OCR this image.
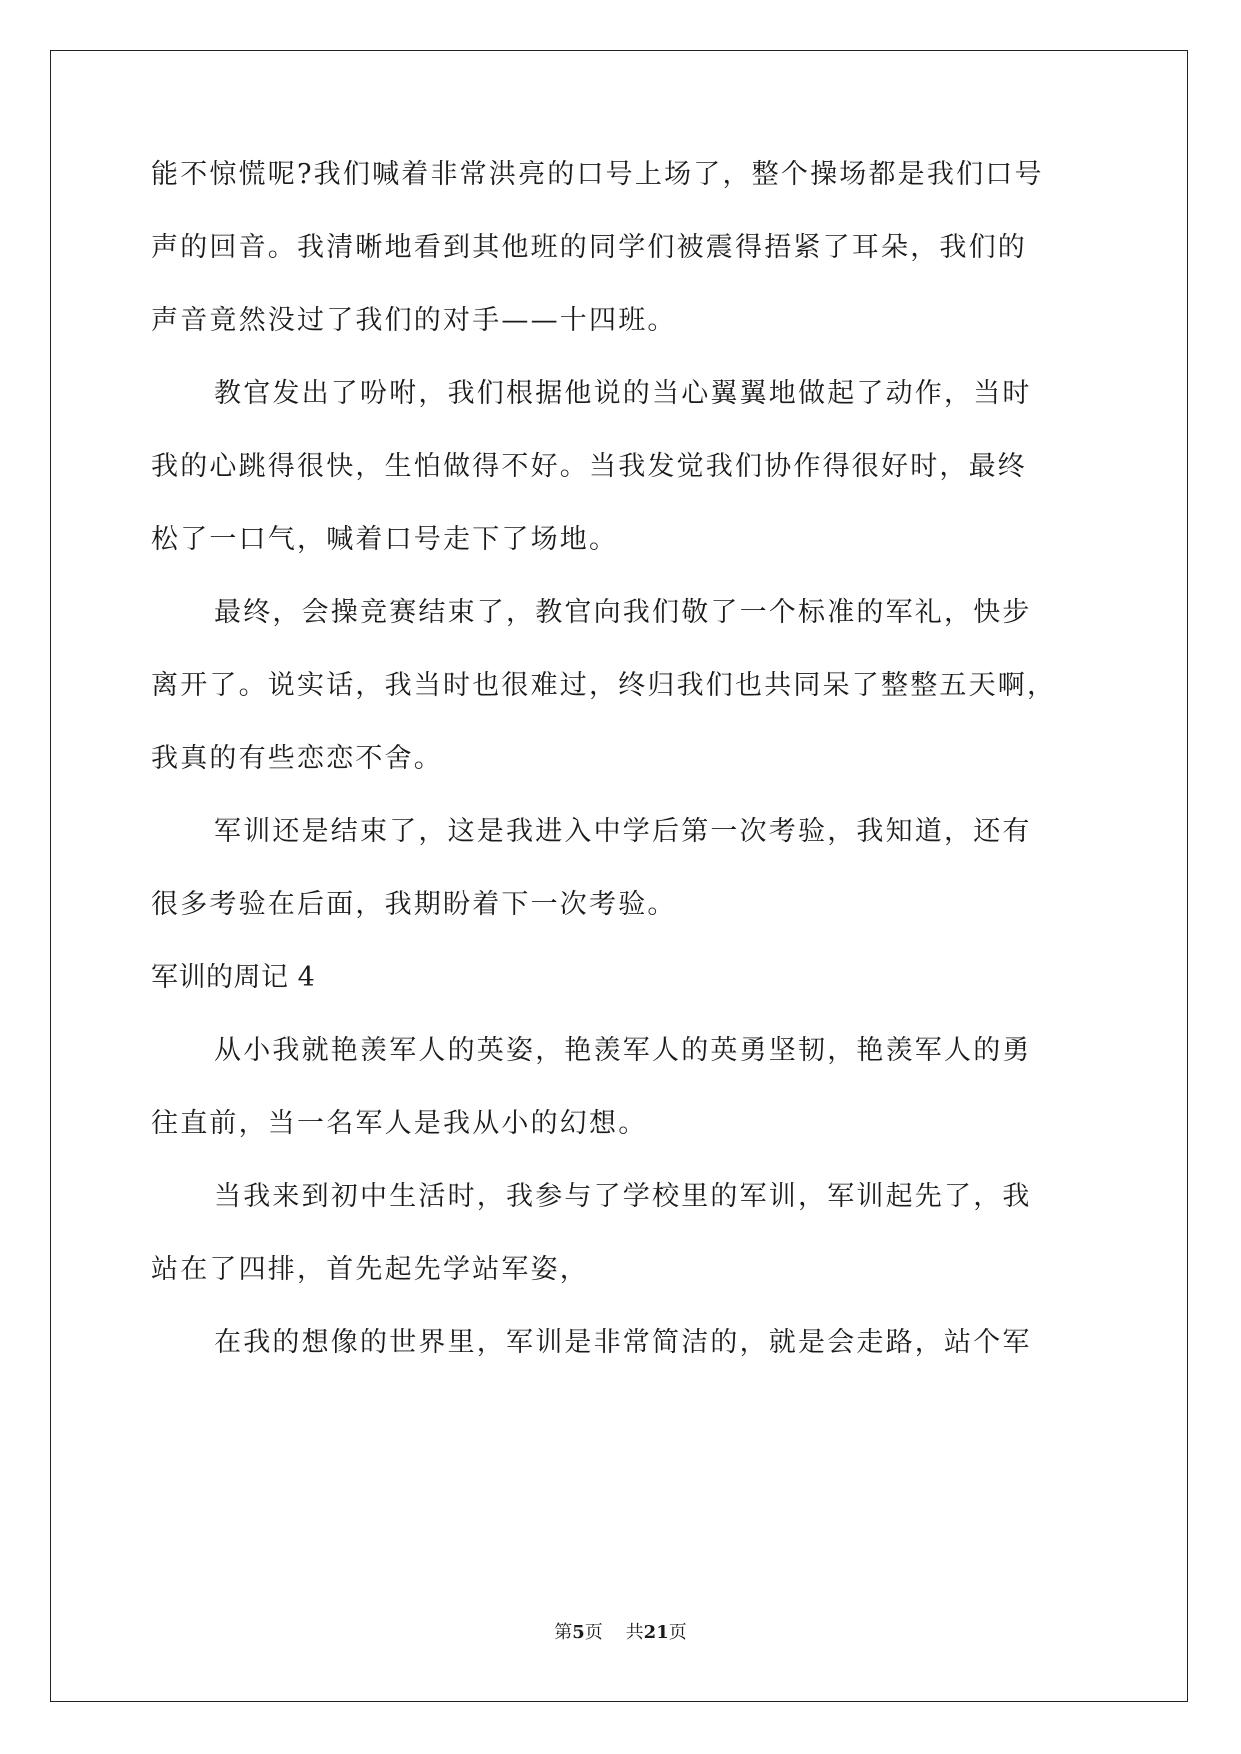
能不惊慌呢?我们喊着非常洪亮的口号上场了，整个操场都是我们口号
声的回音。我清晰地看到其他班的同学们被震得捂紧了耳朵，我们的
声音竟然没过了我们的对手——十四班。
教官发出了吩咐，我们根据他说的当心翼翼地做起了动作，当时
我的心跳得很快，生怕做得不好。当我发觉我们协作得很好时，最终
松了一口气，喊着口号走下了场地。
最终，会操竞赛结束了，教官向我们敬了一个标准的军礼，快步
离开了。说实话，我当时也很难过，终归我们也共同呆了整整五天啊，
我真的有些恋恋不舍。
军训还是结束了，这是我进入中学后第一次考验，我知道，还有
很多考验在后面，我期盼着下一次考验。
军训的周记 4
从小我就艳羡军人的英姿，艳羡军人的英勇坚韧，艳羡军人的勇
往直前，当一名军人是我从小的幻想。
当我来到初中生活时，我参与了学校里的军训，军训起先了，我
站在了四排，首先起先学站军姿，
在我的想像的世界里，军训是非常简洁的，就是会走路，站个军
第5页 共21页
